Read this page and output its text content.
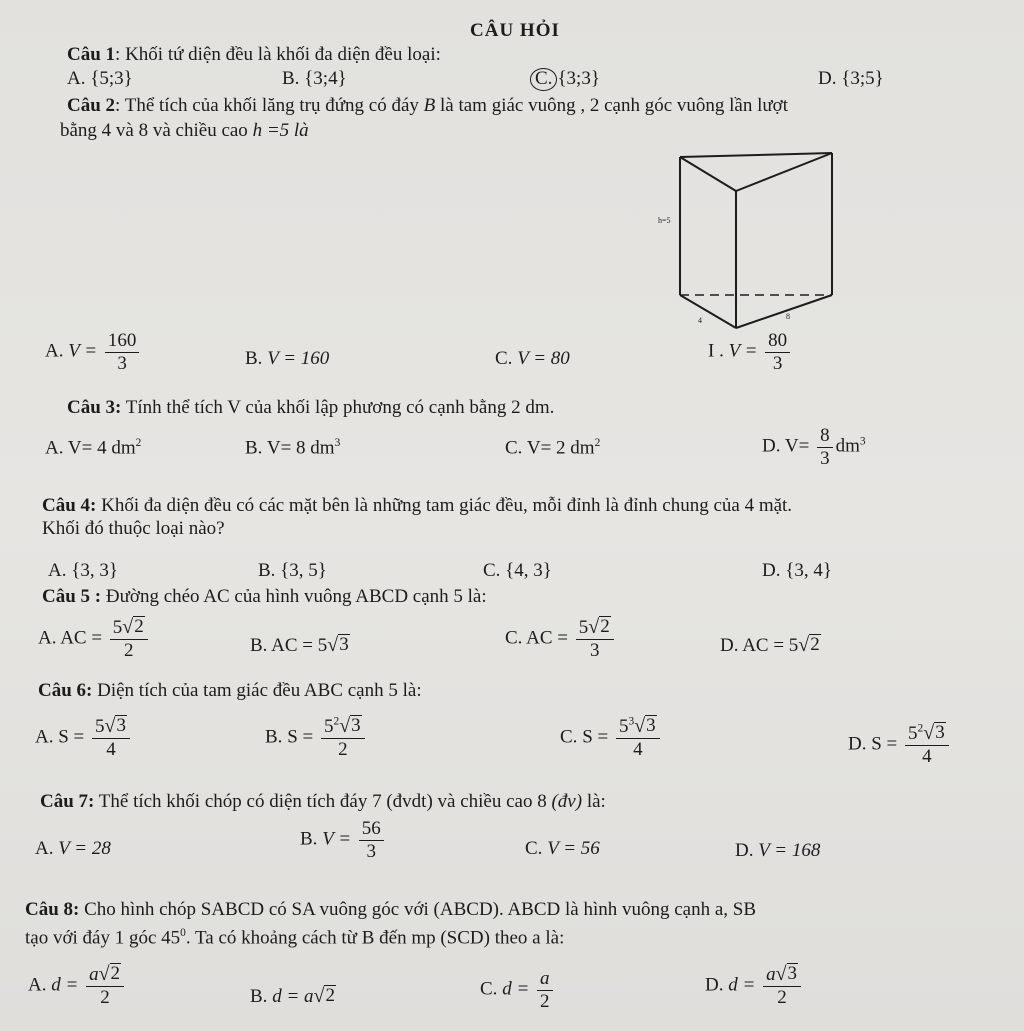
CÂU HỎI
Câu 1: Khối tứ diện đều là khối đa diện đều loại:
A. {5;3}	B. {3;4}	C. {3;3}	D. {3;5}
Câu 2: Thể tích của khối lăng trụ đứng có đáy B là tam giác vuông , 2 cạnh góc vuông lần lượt
bằng 4 và 8 và chiều cao h =5 là
h=5
4	8
A. $V = \frac{160}{3}$	B. V = 160	C. V = 80	I . $V = \frac{80}{3}$
Câu 3: Tính thể tích V của khối lập phương có cạnh bằng 2 dm.
A. V= 4 $dm^2$	B. V= 8 $dm^3$	C. V= 2 $dm^2$	D. $V= \frac{8}{3} dm^3$
Câu 4: Khối đa diện đều có các mặt bên là những tam giác đều, mỗi đỉnh là đỉnh chung của 4 mặt.
Khối đó thuộc loại nào?
A. {3, 3}	B. {3, 5}	C. {4, 3}	D. {3, 4}
Câu 5 : Đường chéo AC của hình vuông ABCD cạnh 5 là:
A. AC = $\frac{5 √ 2}{2}$	B. AC = 5 √ 3	C. AC = $\frac{5 √ 2}{3}$	D. AC = 5 √ 2
Câu 6: Diện tích của tam giác đều ABC cạnh 5 là:
A. $S = \frac{5 √ 3}{4}$	B. $S = \frac{5^2 √ 3}{2}$	C. $S = \frac{5^3 √ 3}{4}$	D. $S = \frac{5^2 √ 3}{4}$
Câu 7: Thể tích khối chóp có diện tích đáy 7 (đvdt) và chiều cao 8 (đv) là:
A. V = 28	B. $V = \frac{56}{3}$	C. V = 56	D. V = 168
Câu 8: Cho hình chóp SABCD có SA vuông góc với (ABCD). ABCD là hình vuông cạnh a, SB
tạo với đáy 1 góc $45^0$. Ta có khoảng cách từ B đến mp (SCD) theo a là:
A. $d = \frac{a √ 2}{2}$	B. d = a √ 2	C. $d = \frac{a}{2}$	D. $d = \frac{a √ 3}{2}$
